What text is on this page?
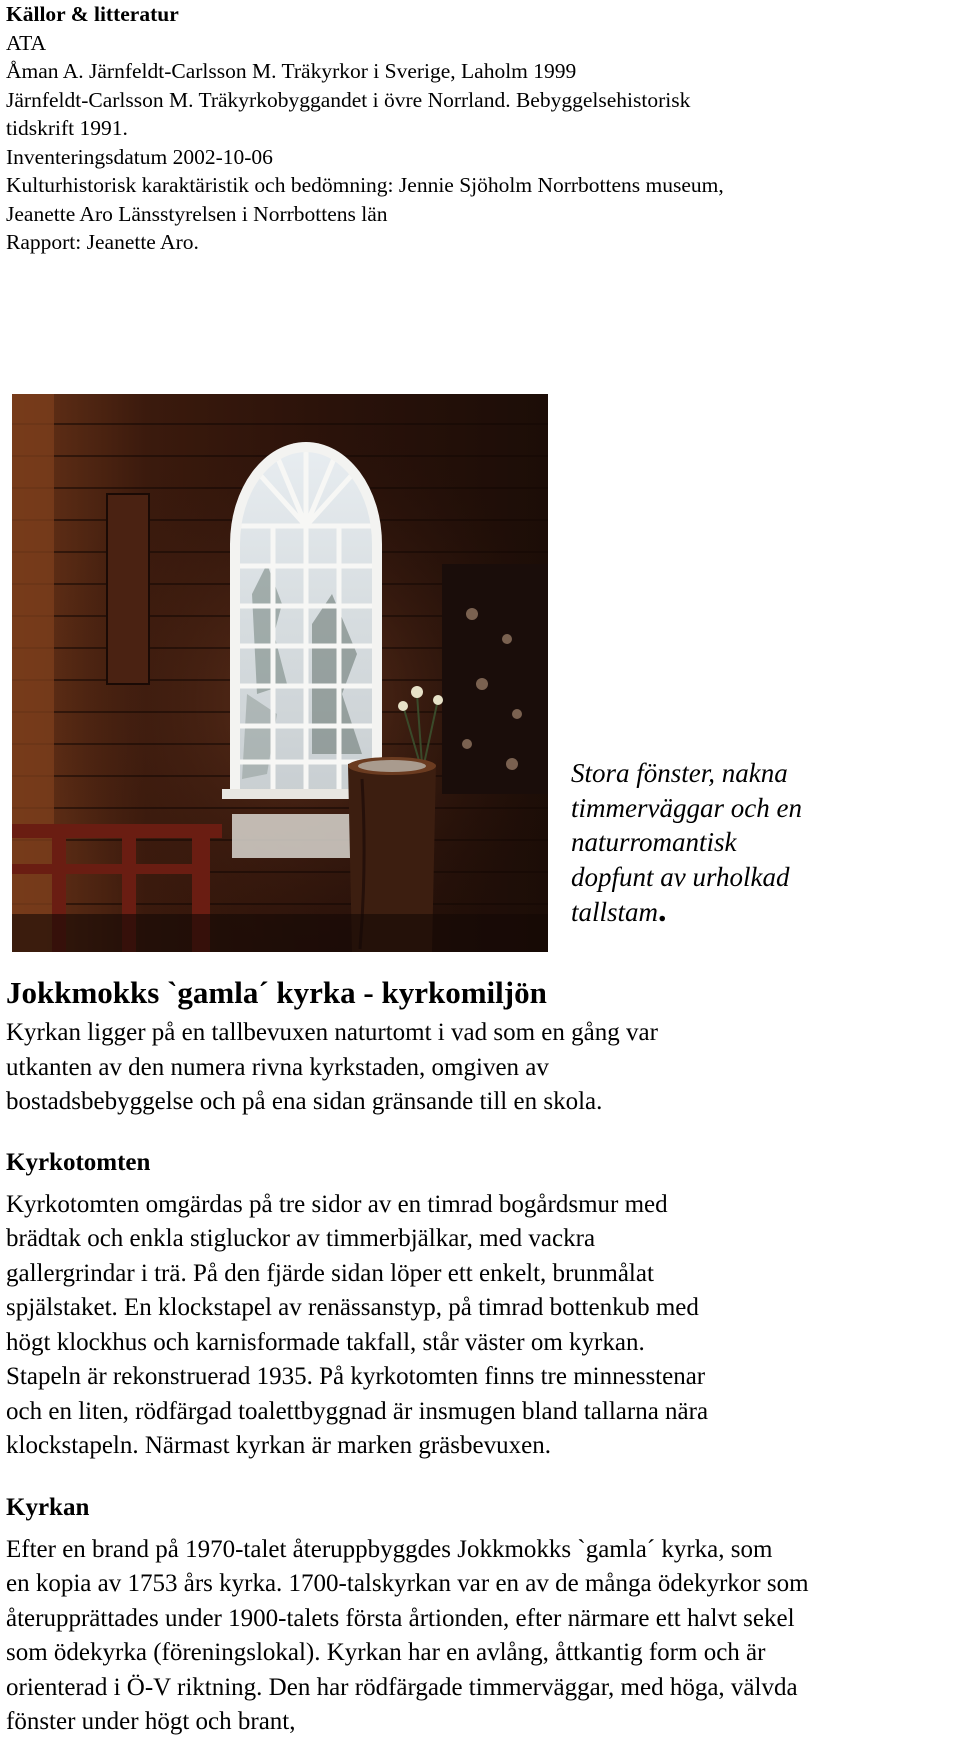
Källor & litteratur
ATA
Åman A. Järnfeldt-Carlsson M. Träkyrkor i Sverige, Laholm 1999
Järnfeldt-Carlsson M. Träkyrkobyggandet i övre Norrland. Bebyggelsehistorisk
tidskrift 1991.
Inventeringsdatum 2002-10-06
Kulturhistorisk karaktäristik och bedömning: Jennie Sjöholm Norrbottens museum,
Jeanette Aro Länsstyrelsen i Norrbottens län
Rapport: Jeanette Aro.
Stora fönster, nakna
timmerväggar och en
naturromantisk
dopfunt av urholkad
tallstam.
Jokkmokks `gamla´ kyrka - kyrkomiljön

Kyrkan ligger på en tallbevuxen naturtomt i vad som en gång var
utkanten av den numera rivna kyrkstaden, omgiven av
bostadsbebyggelse och på ena sidan gränsande till en skola.

Kyrkotomten

Kyrkotomten omgärdas på tre sidor av en timrad bogårdsmur med
brädtak och enkla stigluckor av timmerbjälkar, med vackra
gallergrindar i trä. På den fjärde sidan löper ett enkelt, brunmålat
spjälstaket. En klockstapel av renässanstyp, på timrad bottenkub med
högt klockhus och karnisformade takfall, står väster om kyrkan.
Stapeln är rekonstruerad 1935. På kyrkotomten finns tre minnesstenar
och en liten, rödfärgad toalettbyggnad är insmugen bland tallarna nära
klockstapeln. Närmast kyrkan är marken gräsbevuxen.

Kyrkan

Efter en brand på 1970-talet återuppbyggdes Jokkmokks `gamla´ kyrka, som
en kopia av 1753 års kyrka. 1700-talskyrkan var en av de många ödekyrkor som
återupprättades under 1900-talets första årtionden, efter närmare ett halvt sekel
som ödekyrka (föreningslokal). Kyrkan har en avlång, åttkantig form och är
orienterad i Ö-V riktning. Den har rödfärgade timmerväggar, med höga, välvda
fönster under högt och brant,
